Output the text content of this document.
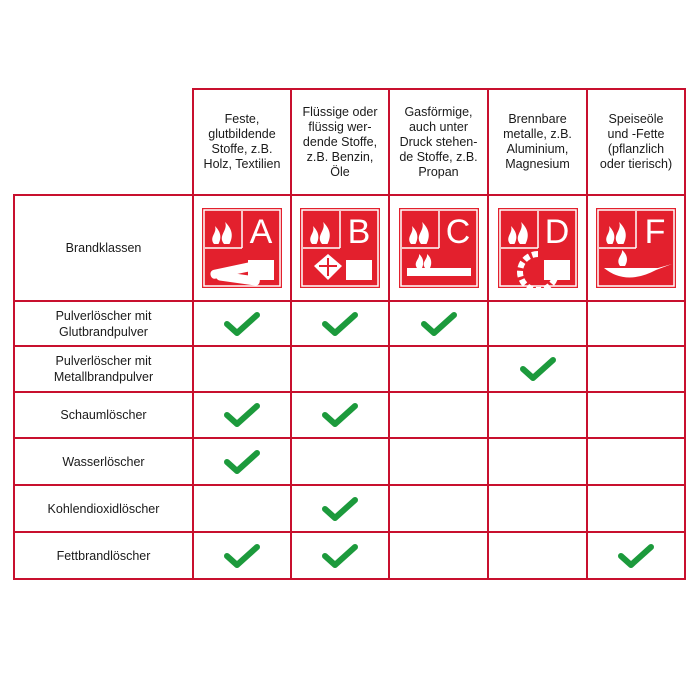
Feste,
glutbildende
Stoffe, z.B.
Holz, Textilien
Flüssige oder
flüssig wer-
dende Stoffe,
z.B. Benzin,
Öle
Gasförmige,
auch unter
Druck stehen-
de Stoffe, z.B.
Propan
Brennbare
metalle, z.B.
Aluminium,
Magnesium
Speiseöle
und -Fette
(pflanzlich
oder tierisch)
Brandklassen	A B C D F
Pulverlöscher mit
Glutbrandpulver
Pulverlöscher mit
Metallbrandpulver
Schaumlöscher
Wasserlöscher
Kohlendioxidlöscher
Fettbrandlöscher
